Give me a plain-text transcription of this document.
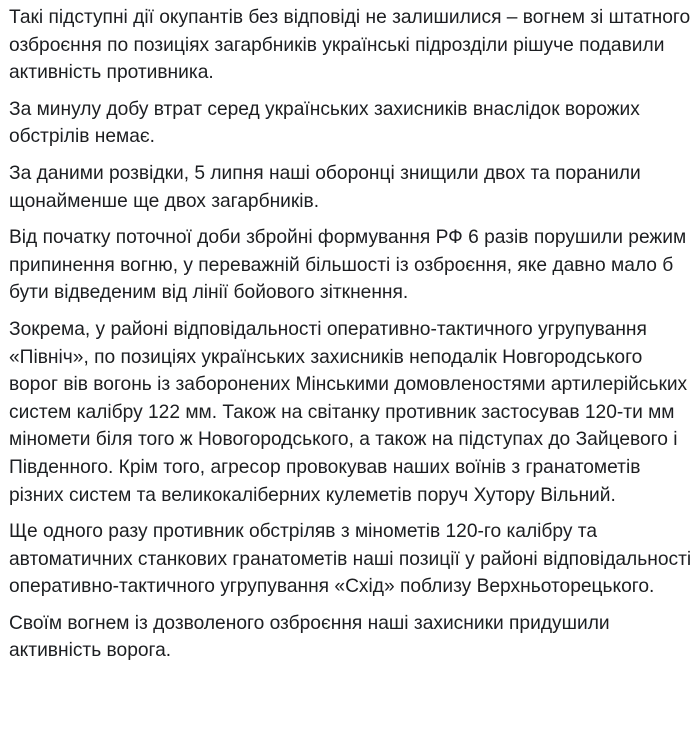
Такі підступні дії окупантів без відповіді не залишилися – вогнем зі штатного озброєння по позиціях загарбників українські підрозділи рішуче подавили активність противника.

За минулу добу втрат серед українських захисників внаслідок ворожих обстрілів немає.

За даними розвідки, 5 липня наші оборонці знищили двох та поранили щонайменше ще двох загарбників.

Від початку поточної доби збройні формування РФ 6 разів порушили режим припинення вогню, у переважній більшості із озброєння, яке давно мало б бути відведеним від лінії бойового зіткнення.

Зокрема, у районі відповідальності оперативно-тактичного угрупування «Північ», по позиціях українських захисників неподалік Новгородського ворог вів вогонь із заборонених Мінськими домовленостями артилерійських систем калібру 122 мм. Також на світанку противник застосував 120-ти мм міномети біля того ж Новогородського, а також на підступах до Зайцевого і Південного. Крім того, агресор провокував наших воїнів з гранатометів різних систем та великокаліберних кулеметів поруч Хутору Вільний.

Ще одного разу противник обстріляв з мінометів 120-го калібру та автоматичних станкових гранатометів наші позиції у районі відповідальності оперативно-тактичного угрупування «Схід» поблизу Верхньоторецького.

Своїм вогнем із дозволеного озброєння наші захисники придушили активність ворога.
